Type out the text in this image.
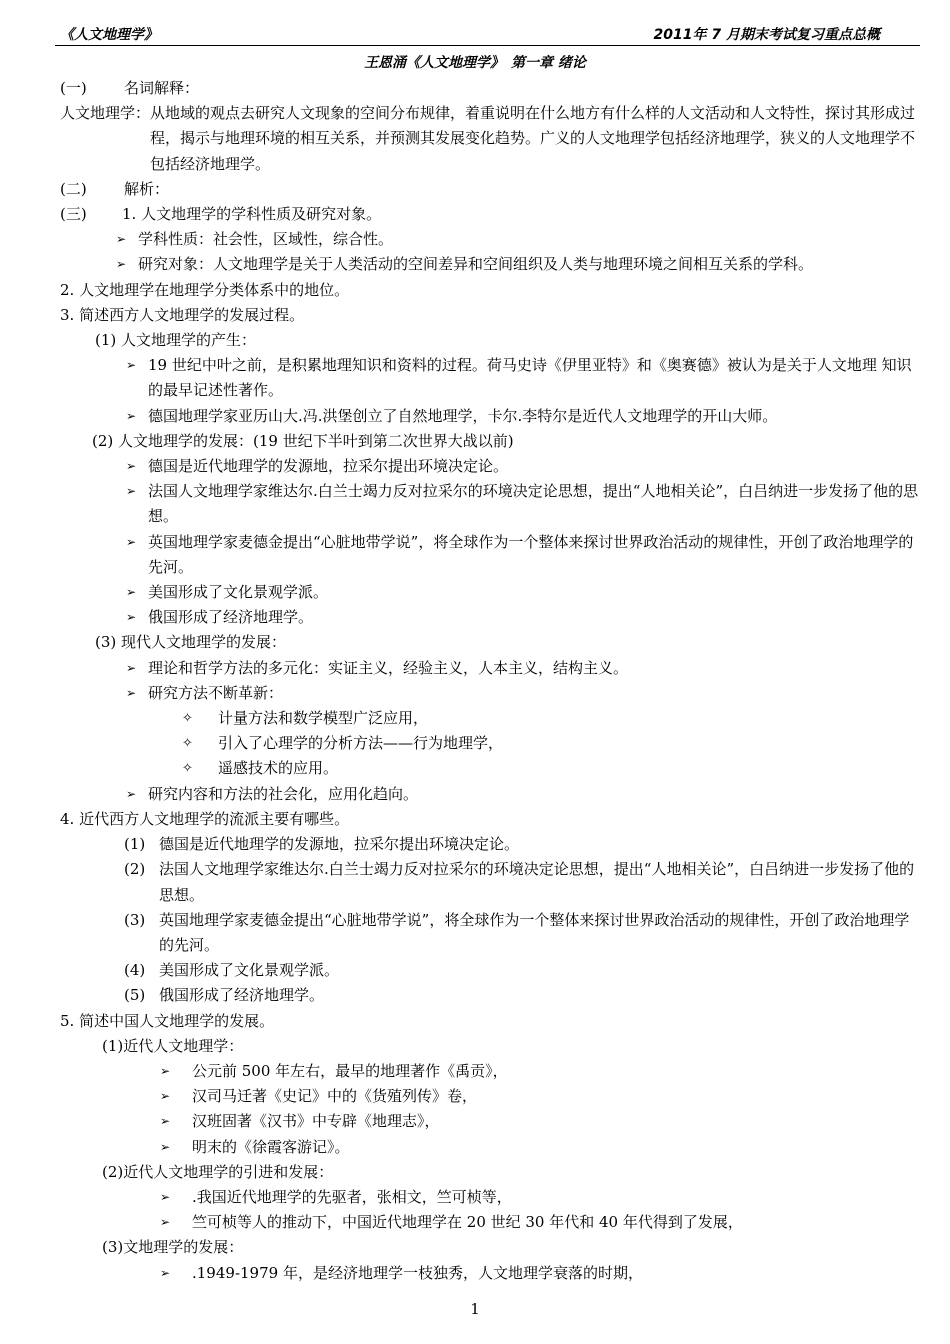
《人文地理学》	2011年 7 月期末考试复习重点总概
王恩涌《人文地理学》　第一章 绪论
(一)	名词解释：
人文地理学： 从地域的观点去研究人文现象的空间分布规律，着重说明在什么地方有什么样的人文活动和人文特性，探讨其形成过程，揭示与地理环境的相互关系，并预测其发展变化趋势。广义的人文地理学包括经济地理学，狭义的人文地理学不包括经济地理学。
(二)	解析：
(三)	1. 人文地理学的学科性质及研究对象。
➢ 学科性质：社会性，区域性，综合性。
➢ 研究对象：人文地理学是关于人类活动的空间差异和空间组织及人类与地理环境之间相互关系的学科。
2. 人文地理学在地理学分类体系中的地位。
3. 简述西方人文地理学的发展过程。
(1) 人文地理学的产生：
➢ 19 世纪中叶之前，是积累地理知识和资料的过程。荷马史诗《伊里亚特》和《奥赛德》被认为是关于人文地理 知识的最早记述性著作。
➢ 德国地理学家亚历山大.冯.洪堡创立了自然地理学，卡尔.李特尔是近代人文地理学的开山大师。
(2) 人文地理学的发展：(19 世纪下半叶到第二次世界大战以前)
➢ 德国是近代地理学的发源地，拉采尔提出环境决定论。
➢ 法国人文地理学家维达尔.白兰士竭力反对拉采尔的环境决定论思想，提出“人地相关论”，白吕纳进一步发扬了他的思想。
➢ 英国地理学家麦德金提出“心脏地带学说”，将全球作为一个整体来探讨世界政治活动的规律性，开创了政治地理学的先河。
➢ 美国形成了文化景观学派。
➢ 俄国形成了经济地理学。
(3) 现代人文地理学的发展：
➢ 理论和哲学方法的多元化：实证主义，经验主义，人本主义，结构主义。
➢ 研究方法不断革新：
✧	计量方法和数学模型广泛应用，
✧	引入了心理学的分析方法——行为地理学，
✧	遥感技术的应用。
➢ 研究内容和方法的社会化，应用化趋向。
4. 近代西方人文地理学的流派主要有哪些。
(1) 德国是近代地理学的发源地，拉采尔提出环境决定论。
(2) 法国人文地理学家维达尔.白兰士竭力反对拉采尔的环境决定论思想，提出“人地相关论”，白吕纳进一步发扬了他的思想。
(3) 英国地理学家麦德金提出“心脏地带学说”，将全球作为一个整体来探讨世界政治活动的规律性，开创了政治地理学的先河。
(4) 美国形成了文化景观学派。
(5) 俄国形成了经济地理学。
5. 简述中国人文地理学的发展。
(1)近代人文地理学：
➢	公元前 500 年左右，最早的地理著作《禹贡》，
➢	汉司马迁著《史记》中的《货殖列传》卷，
➢	汉班固著《汉书》中专辟《地理志》，
➢	明末的《徐霞客游记》。
(2)近代人文地理学的引进和发展：
➢	.我国近代地理学的先驱者，张相文，竺可桢等，
➢	竺可桢等人的推动下，中国近代地理学在 20 世纪 30 年代和 40 年代得到了发展，
(3)文地理学的发展：
➢	.1949-1979 年，是经济地理学一枝独秀，人文地理学衰落的时期，
1
